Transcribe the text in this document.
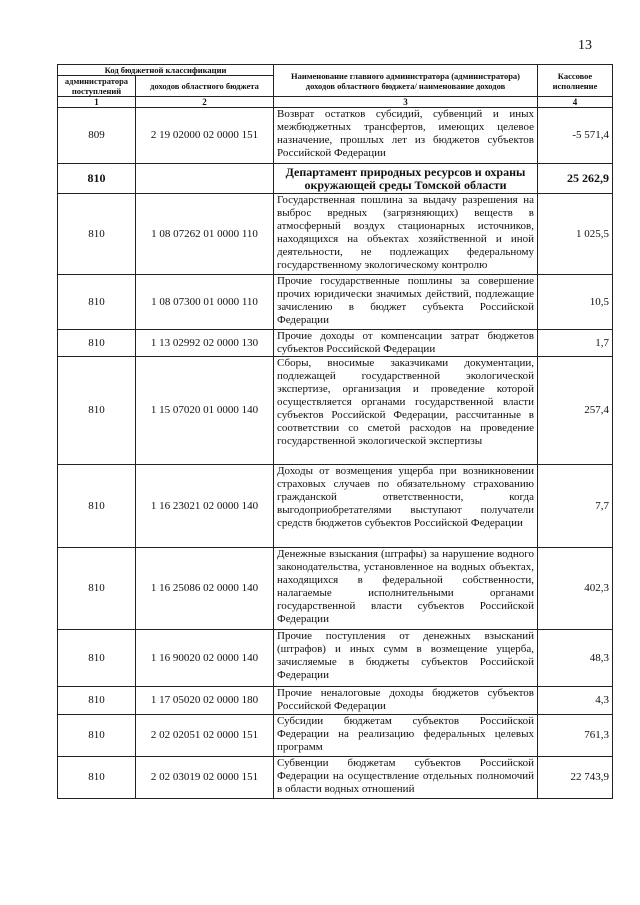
13
Код бюджетной классификации		Наименование главного администратора (администратора) доходов областного бюджета/ наименование доходов	Кассовое исполнение
администратора поступлений	доходов областного бюджета		
1	2	3	4
809	2 19 02000 02 0000 151	Возврат остатков субсидий, субвенций и иных межбюджетных трансфертов, имеющих целевое назначение, прошлых лет из бюджетов субъектов Российской Федерации	-5 571,4
810		Департамент природных ресурсов и охраны окружающей среды Томской области	25 262,9
810	1 08 07262 01 0000 110	Государственная пошлина за выдачу разрешения на выброс вредных (загрязняющих) веществ в атмосферный воздух стационарных источников, находящихся на объектах хозяйственной и иной деятельности, не подлежащих федеральному государственному экологическому контролю	1 025,5
810	1 08 07300 01 0000 110	Прочие государственные пошлины за совершение прочих юридически значимых действий, подлежащие зачислению в бюджет субъекта Российской Федерации	10,5
810	1 13 02992 02 0000 130	Прочие доходы от компенсации затрат бюджетов субъектов Российской Федерации	1,7
810	1 15 07020 01 0000 140	Сборы, вносимые заказчиками документации, подлежащей государственной экологической экспертизе, организация и проведение которой осуществляется органами государственной власти субъектов Российской Федерации, рассчитанные в соответствии со сметой расходов на проведение государственной экологической экспертизы	257,4
810	1 16 23021 02 0000 140	Доходы от возмещения ущерба при возникновении страховых случаев по обязательному страхованию гражданской ответственности, когда выгодоприобретателями выступают получатели средств бюджетов субъектов Российской Федерации	7,7
810	1 16 25086 02 0000 140	Денежные взыскания (штрафы) за нарушение водного законодательства, установленное на водных объектах, находящихся в федеральной собственности, налагаемые исполнительными органами государственной власти субъектов Российской Федерации	402,3
810	1 16 90020 02 0000 140	Прочие поступления от денежных взысканий (штрафов) и иных сумм в возмещение ущерба, зачисляемые в бюджеты субъектов Российской Федерации	48,3
810	1 17 05020 02 0000 180	Прочие неналоговые доходы бюджетов субъектов Российской Федерации	4,3
810	2 02 02051 02 0000 151	Субсидии бюджетам субъектов Российской Федерации на реализацию федеральных целевых программ	761,3
810	2 02 03019 02 0000 151	Субвенции бюджетам субъектов Российской Федерации на осуществление отдельных полномочий в области водных отношений	22 743,9
